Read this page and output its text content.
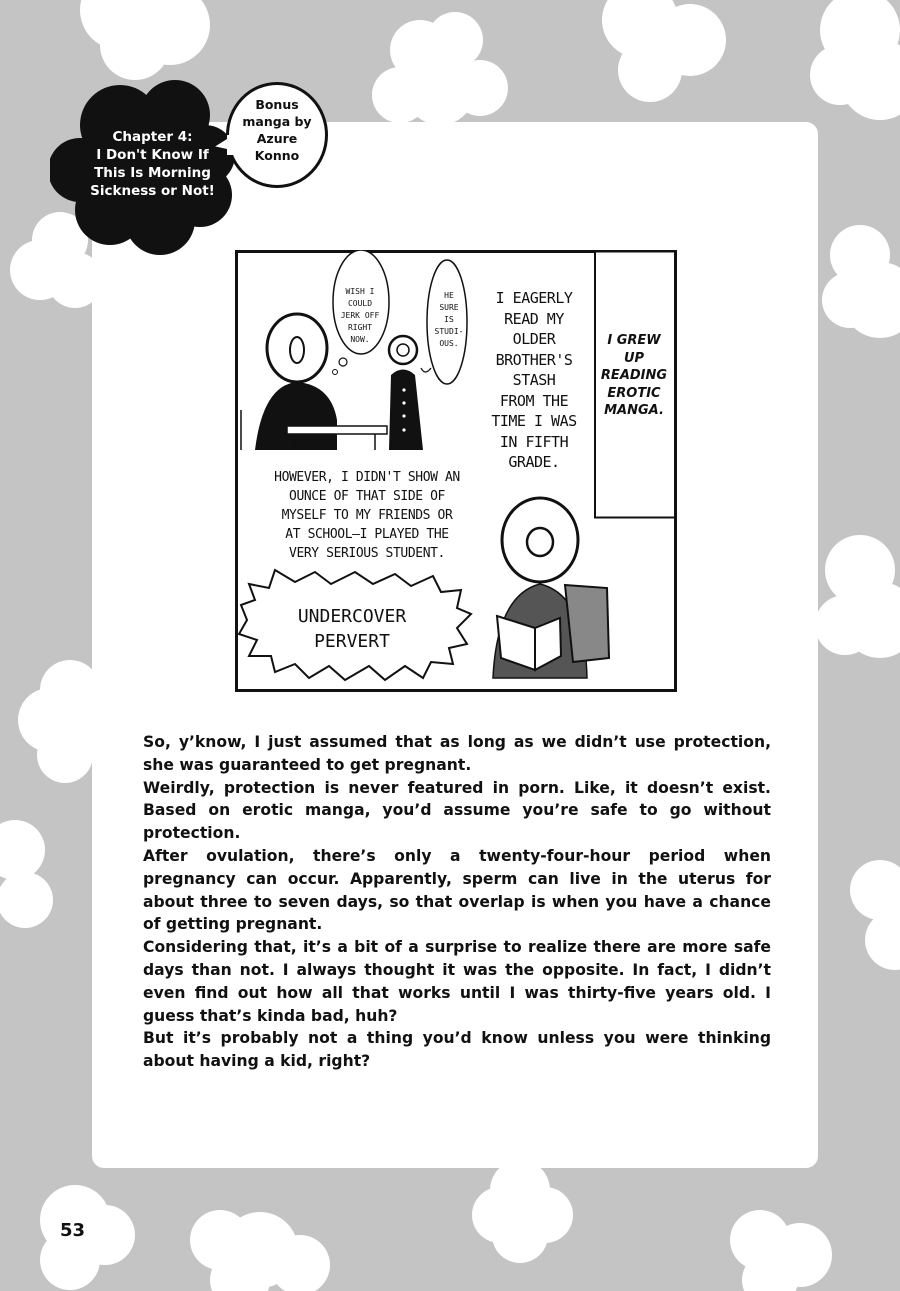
Chapter 4:
I Don't Know If
This Is Morning
Sickness or Not!
Bonus
manga by
Azure
Konno
WISH I
COULD
JERK OFF
RIGHT
NOW.
HE
SURE
IS
STUDI-
OUS.
I EAGERLY
READ MY
OLDER
BROTHER'S
STASH
FROM THE
TIME I WAS
IN FIFTH
GRADE.
I GREW
UP
READING
EROTIC
MANGA.
HOWEVER, I DIDN'T SHOW AN
OUNCE OF THAT SIDE OF
MYSELF TO MY FRIENDS OR
AT SCHOOL—I PLAYED THE
VERY SERIOUS STUDENT.
UNDERCOVER
PERVERT

So, y’know, I just assumed that as long as we didn’t use protection, she was guaranteed to get pregnant.

Weirdly, protection is never featured in porn. Like, it doesn’t exist. Based on erotic manga, you’d assume you’re safe to go without protection.

After ovulation, there’s only a twenty-four-hour period when pregnancy can occur. Apparently, sperm can live in the uterus for about three to seven days, so that overlap is when you have a chance of getting pregnant.

Considering that, it’s a bit of a surprise to realize there are more safe days than not. I always thought it was the opposite. In fact, I didn’t even find out how all that works until I was thirty-five years old. I guess that’s kinda bad, huh?

But it’s probably not a thing you’d know unless you were thinking about having a kid, right?

53
